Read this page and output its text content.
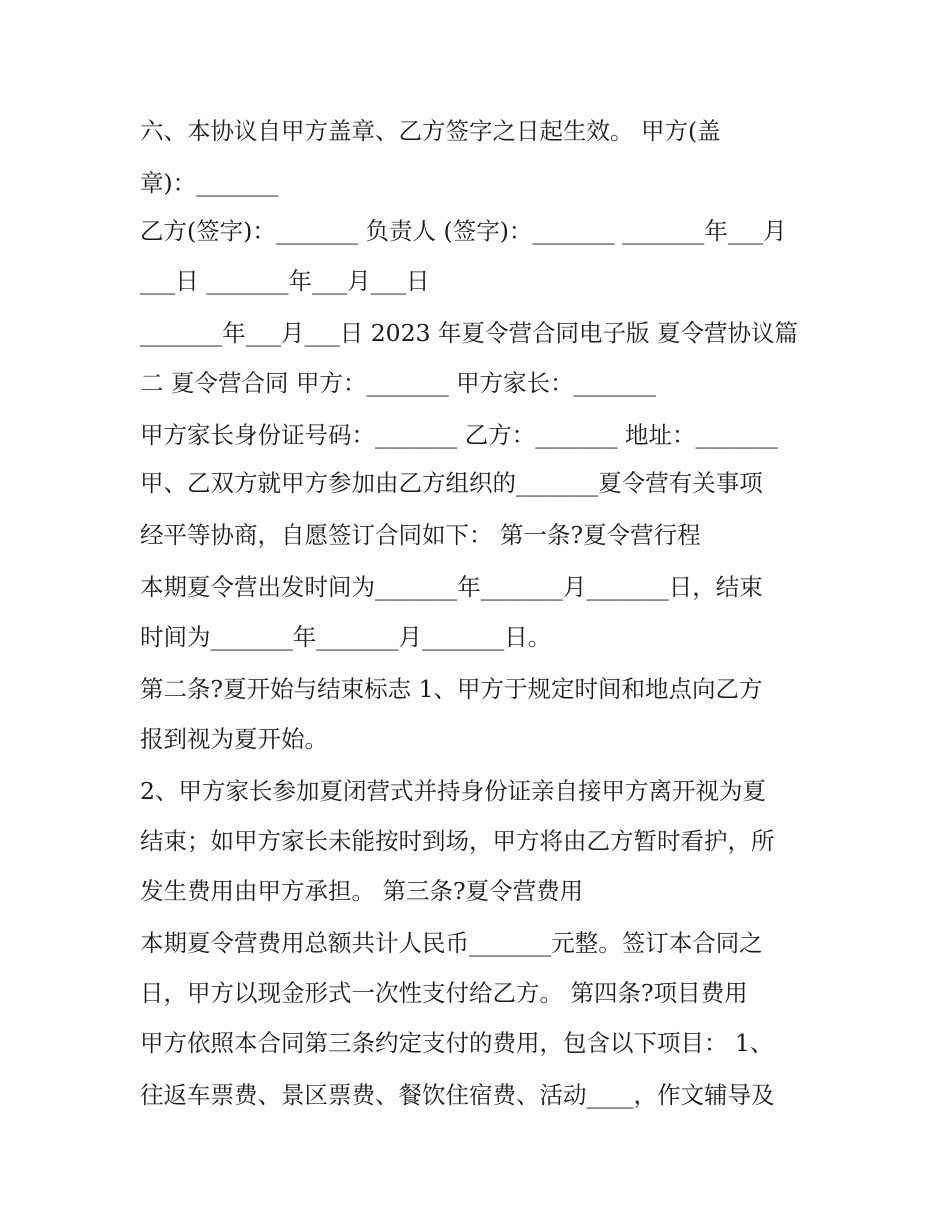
六、本协议自甲方盖章、乙方签字之日起生效。 甲方(盖
章)：_______
乙方(签字)：_______ 负责人 (签字)：_______ _______年___月
___日 _______年___月___日
_______年___月___日 2023 年夏令营合同电子版 夏令营协议篇
二 夏令营合同 甲方：_______ 甲方家长：_______
甲方家长身份证号码：_______ 乙方：_______ 地址：_______
甲、乙双方就甲方参加由乙方组织的_______夏令营有关事项
经平等协商，自愿签订合同如下： 第一条?夏令营行程
本期夏令营出发时间为_______年_______月_______日，结束
时间为_______年_______月_______日。
第二条?夏开始与结束标志 1、甲方于规定时间和地点向乙方
报到视为夏开始。
2、甲方家长参加夏闭营式并持身份证亲自接甲方离开视为夏
结束；如甲方家长未能按时到场，甲方将由乙方暂时看护，所
发生费用由甲方承担。 第三条?夏令营费用
本期夏令营费用总额共计人民币_______元整。签订本合同之
日，甲方以现金形式一次性支付给乙方。 第四条?项目费用
甲方依照本合同第三条约定支付的费用，包含以下项目： 1、
往返车票费、景区票费、餐饮住宿费、活动____，作文辅导及
